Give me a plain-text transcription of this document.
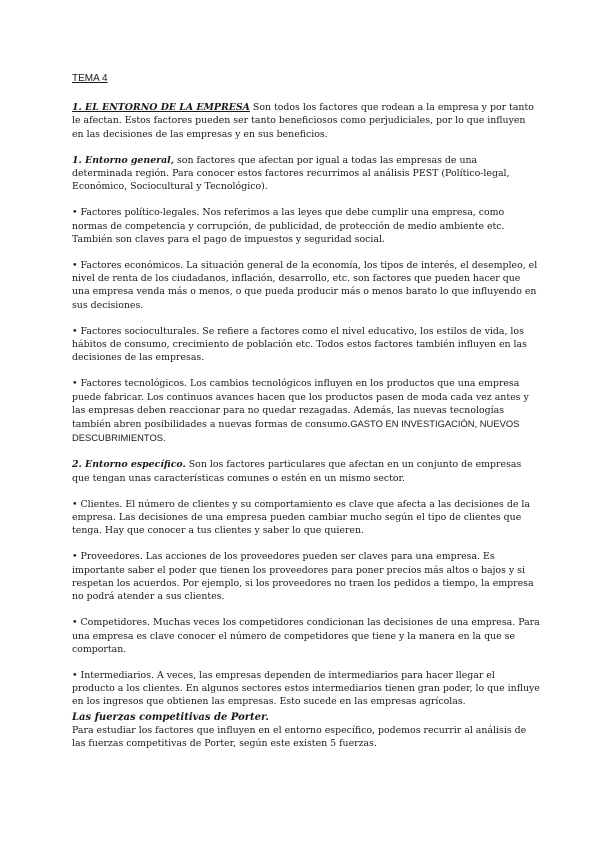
TEMA 4

1. EL ENTORNO DE LA EMPRESA Son todos los factores que rodean a la empresa y por tanto le afectan. Estos factores pueden ser tanto beneficiosos como perjudiciales, por lo que influyen en las decisiones de las empresas y en sus beneficios.

1. Entorno general, son factores que afectan por igual a todas las empresas de una determinada región. Para conocer estos factores recurrimos al análisis PEST (Político-legal, Económico, Sociocultural y Tecnológico).

• Factores político-legales. Nos referimos a las leyes que debe cumplir una empresa, como normas de competencia y corrupción, de publicidad, de protección de medio ambiente etc. También son claves para el pago de impuestos y seguridad social.

• Factores económicos. La situación general de la economía, los tipos de interés, el desempleo, el nivel de renta de los ciudadanos, inflación, desarrollo, etc. son factores que pueden hacer que una empresa venda más o menos, o que pueda producir más o menos barato lo que influyendo en sus decisiones.

• Factores socioculturales. Se refiere a factores como el nivel educativo, los estilos de vida, los hábitos de consumo, crecimiento de población etc. Todos estos factores también influyen en las decisiones de las empresas.

• Factores tecnológicos. Los cambios tecnológicos influyen en los productos que una empresa puede fabricar. Los continuos avances hacen que los productos pasen de moda cada vez antes y las empresas deben reaccionar para no quedar rezagadas. Además, las nuevas tecnologías también abren posibilidades a nuevas formas de consumo.GASTO EN INVESTIGACIÓN, NUEVOS DESCUBRIMIENTOS.

2. Entorno específico. Son los factores particulares que afectan en un conjunto de empresas que tengan unas características comunes o estén en un mismo sector.

• Clientes. El número de clientes y su comportamiento es clave que afecta a las decisiones de la empresa. Las decisiones de una empresa pueden cambiar mucho según el tipo de clientes que tenga. Hay que conocer a tus clientes y saber lo que quieren.

• Proveedores. Las acciones de los proveedores pueden ser claves para una empresa. Es importante saber el poder que tienen los proveedores para poner precios más altos o bajos y si respetan los acuerdos. Por ejemplo, si los proveedores no traen los pedidos a tiempo, la empresa no podrá atender a sus clientes.

• Competidores. Muchas veces los competidores condicionan las decisiones de una empresa. Para una empresa es clave conocer el número de competidores que tiene y la manera en la que se comportan.

• Intermediarios. A veces, las empresas dependen de intermediarios para hacer llegar el producto a los clientes. En algunos sectores estos intermediarios tienen gran poder, lo que influye en los ingresos que obtienen las empresas. Esto sucede en las empresas agrícolas.

Las fuerzas competitivas de Porter.

Para estudiar los factores que influyen en el entorno específico, podemos recurrir al análisis de las fuerzas competitivas de Porter, según este existen 5 fuerzas.
